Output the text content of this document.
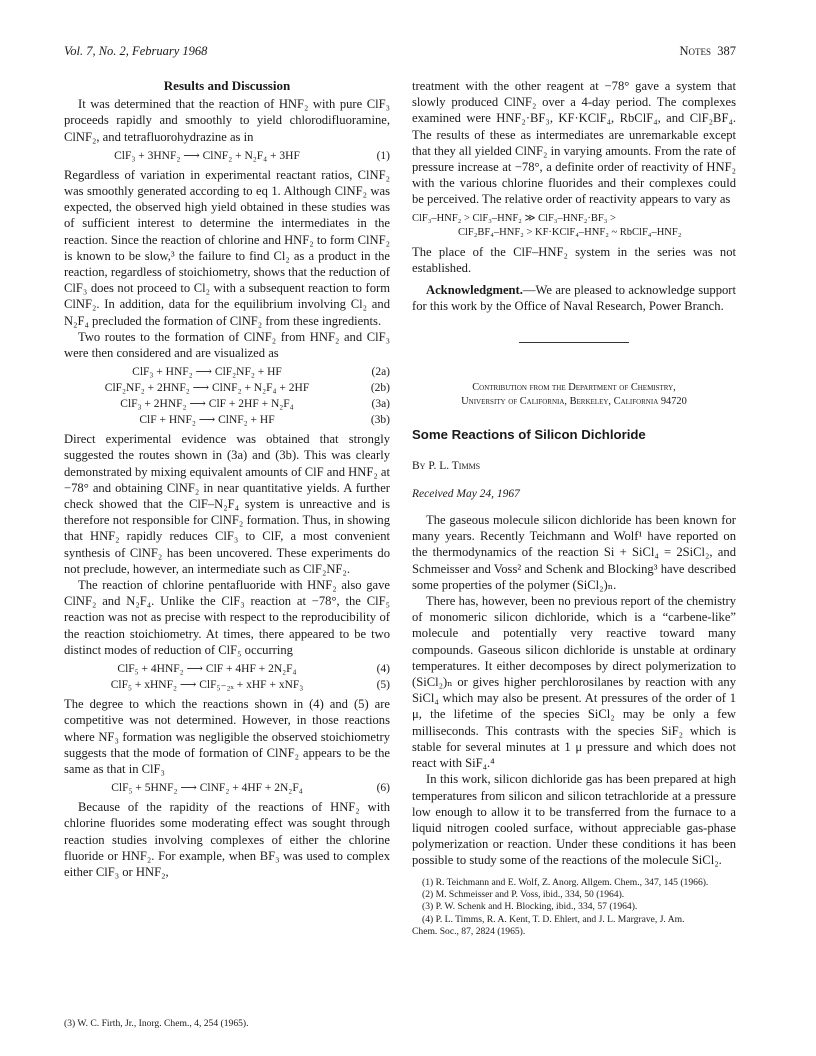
Vol. 7, No. 2, February 1968	Notes 387
Results and Discussion

It was determined that the reaction of HNF₂ with pure ClF₃ proceeds rapidly and smoothly to yield chlorodifluoramine, ClNF₂, and tetrafluorohydrazine as in

ClF₃ + 3HNF₂ ⟶ ClNF₂ + N₂F₄ + 3HF	(1)

Regardless of variation in experimental reactant ratios, ClNF₂ was smoothly generated according to eq 1. Although ClNF₂ was expected, the observed high yield obtained in these studies was of sufficient interest to determine the intermediates in the reaction. Since the reaction of chlorine and HNF₂ to form ClNF₂ is known to be slow,³ the failure to find Cl₂ as a product in the reaction, regardless of stoichiometry, shows that the reduction of ClF₃ does not proceed to Cl₂ with a subsequent reaction to form ClNF₂. In addition, data for the equilibrium involving Cl₂ and N₂F₄ precluded the formation of ClNF₂ from these ingredients.

Two routes to the formation of ClNF₂ from HNF₂ and ClF₃ were then considered and are visualized as

ClF₃ + HNF₂ ⟶ ClF₂NF₂ + HF	(2a)
ClF₂NF₂ + 2HNF₂ ⟶ ClNF₂ + N₂F₄ + 2HF	(2b)
ClF₃ + 2HNF₂ ⟶ ClF + 2HF + N₂F₄	(3a)
ClF + HNF₂ ⟶ ClNF₂ + HF	(3b)

Direct experimental evidence was obtained that strongly suggested the routes shown in (3a) and (3b). This was clearly demonstrated by mixing equivalent amounts of ClF and HNF₂ at −78° and obtaining ClNF₂ in near quantitative yields. A further check showed that the ClF–N₂F₄ system is unreactive and is therefore not responsible for ClNF₂ formation. Thus, in showing that HNF₂ rapidly reduces ClF₃ to ClF, a most convenient synthesis of ClNF₂ has been uncovered. These experiments do not preclude, however, an intermediate such as ClF₂NF₂.

The reaction of chlorine pentafluoride with HNF₂ also gave ClNF₂ and N₂F₄. Unlike the ClF₃ reaction at −78°, the ClF₅ reaction was not as precise with respect to the reproducibility of the reaction stoichiometry. At times, there appeared to be two distinct modes of reduction of ClF₅ occurring

ClF₅ + 4HNF₂ ⟶ ClF + 4HF + 2N₂F₄	(4)
ClF₅ + xHNF₂ ⟶ ClF₅₋₂ₓ + xHF + xNF₃	(5)

The degree to which the reactions shown in (4) and (5) are competitive was not determined. However, in those reactions where NF₃ formation was negligible the observed stoichiometry suggests that the mode of formation of ClNF₂ appears to be the same as that in ClF₃

ClF₅ + 5HNF₂ ⟶ ClNF₂ + 4HF + 2N₂F₄	(6)

Because of the rapidity of the reactions of HNF₂ with chlorine fluorides some moderating effect was sought through reaction studies involving complexes of either the chlorine fluoride or HNF₂. For example, when BF₃ was used to complex either ClF₃ or HNF₂,

(3) W. C. Firth, Jr., Inorg. Chem., 4, 254 (1965).

treatment with the other reagent at −78° gave a system that slowly produced ClNF₂ over a 4-day period. The complexes examined were HNF₂·BF₃, KF·KClF₄, RbClF₄, and ClF₂BF₄. The results of these as intermediates are unremarkable except that they all yielded ClNF₂ in varying amounts. From the rate of pressure increase at −78°, a definite order of reactivity of HNF₂ with the various chlorine fluorides and their complexes could be perceived. The relative order of reactivity appears to vary as

ClF₃–HNF₂ > ClF₃–HNF₂ ≫ ClF₃–HNF₂·BF₃ >
ClF₂BF₄–HNF₂ > KF·KClF₄–HNF₂ ~ RbClF₄–HNF₂

The place of the ClF–HNF₂ system in the series was not established.

Acknowledgment.—We are pleased to acknowledge support for this work by the Office of Naval Research, Power Branch.

Contribution from the Department of Chemistry,
University of California, Berkeley, California 94720
Some Reactions of Silicon Dichloride
By P. L. Timms
Received May 24, 1967

The gaseous molecule silicon dichloride has been known for many years. Recently Teichmann and Wolf¹ have reported on the thermodynamics of the reaction Si + SiCl₄ = 2SiCl₂, and Schmeisser and Voss² and Schenk and Blocking³ have described some properties of the polymer (SiCl₂)ₙ.

There has, however, been no previous report of the chemistry of monomeric silicon dichloride, which is a “carbene-like” molecule and potentially very reactive toward many compounds. Gaseous silicon dichloride is unstable at ordinary temperatures. It either decomposes by direct polymerization to (SiCl₂)ₙ or gives higher perchlorosilanes by reaction with any SiCl₄ which may also be present. At pressures of the order of 1 μ, the lifetime of the species SiCl₂ may be only a few milliseconds. This contrasts with the species SiF₂ which is stable for several minutes at 1 μ pressure and which does not react with SiF₄.⁴

In this work, silicon dichloride gas has been prepared at high temperatures from silicon and silicon tetrachloride at a pressure low enough to allow it to be transferred from the furnace to a liquid nitrogen cooled surface, without appreciable gas-phase polymerization or reaction. Under these conditions it has been possible to study some of the reactions of the molecule SiCl₂.

(1) R. Teichmann and E. Wolf, Z. Anorg. Allgem. Chem., 347, 145 (1966).
(2) M. Schmeisser and P. Voss, ibid., 334, 50 (1964).
(3) P. W. Schenk and H. Blocking, ibid., 334, 57 (1964).
(4) P. L. Timms, R. A. Kent, T. D. Ehlert, and J. L. Margrave, J. Am.
Chem. Soc., 87, 2824 (1965).
